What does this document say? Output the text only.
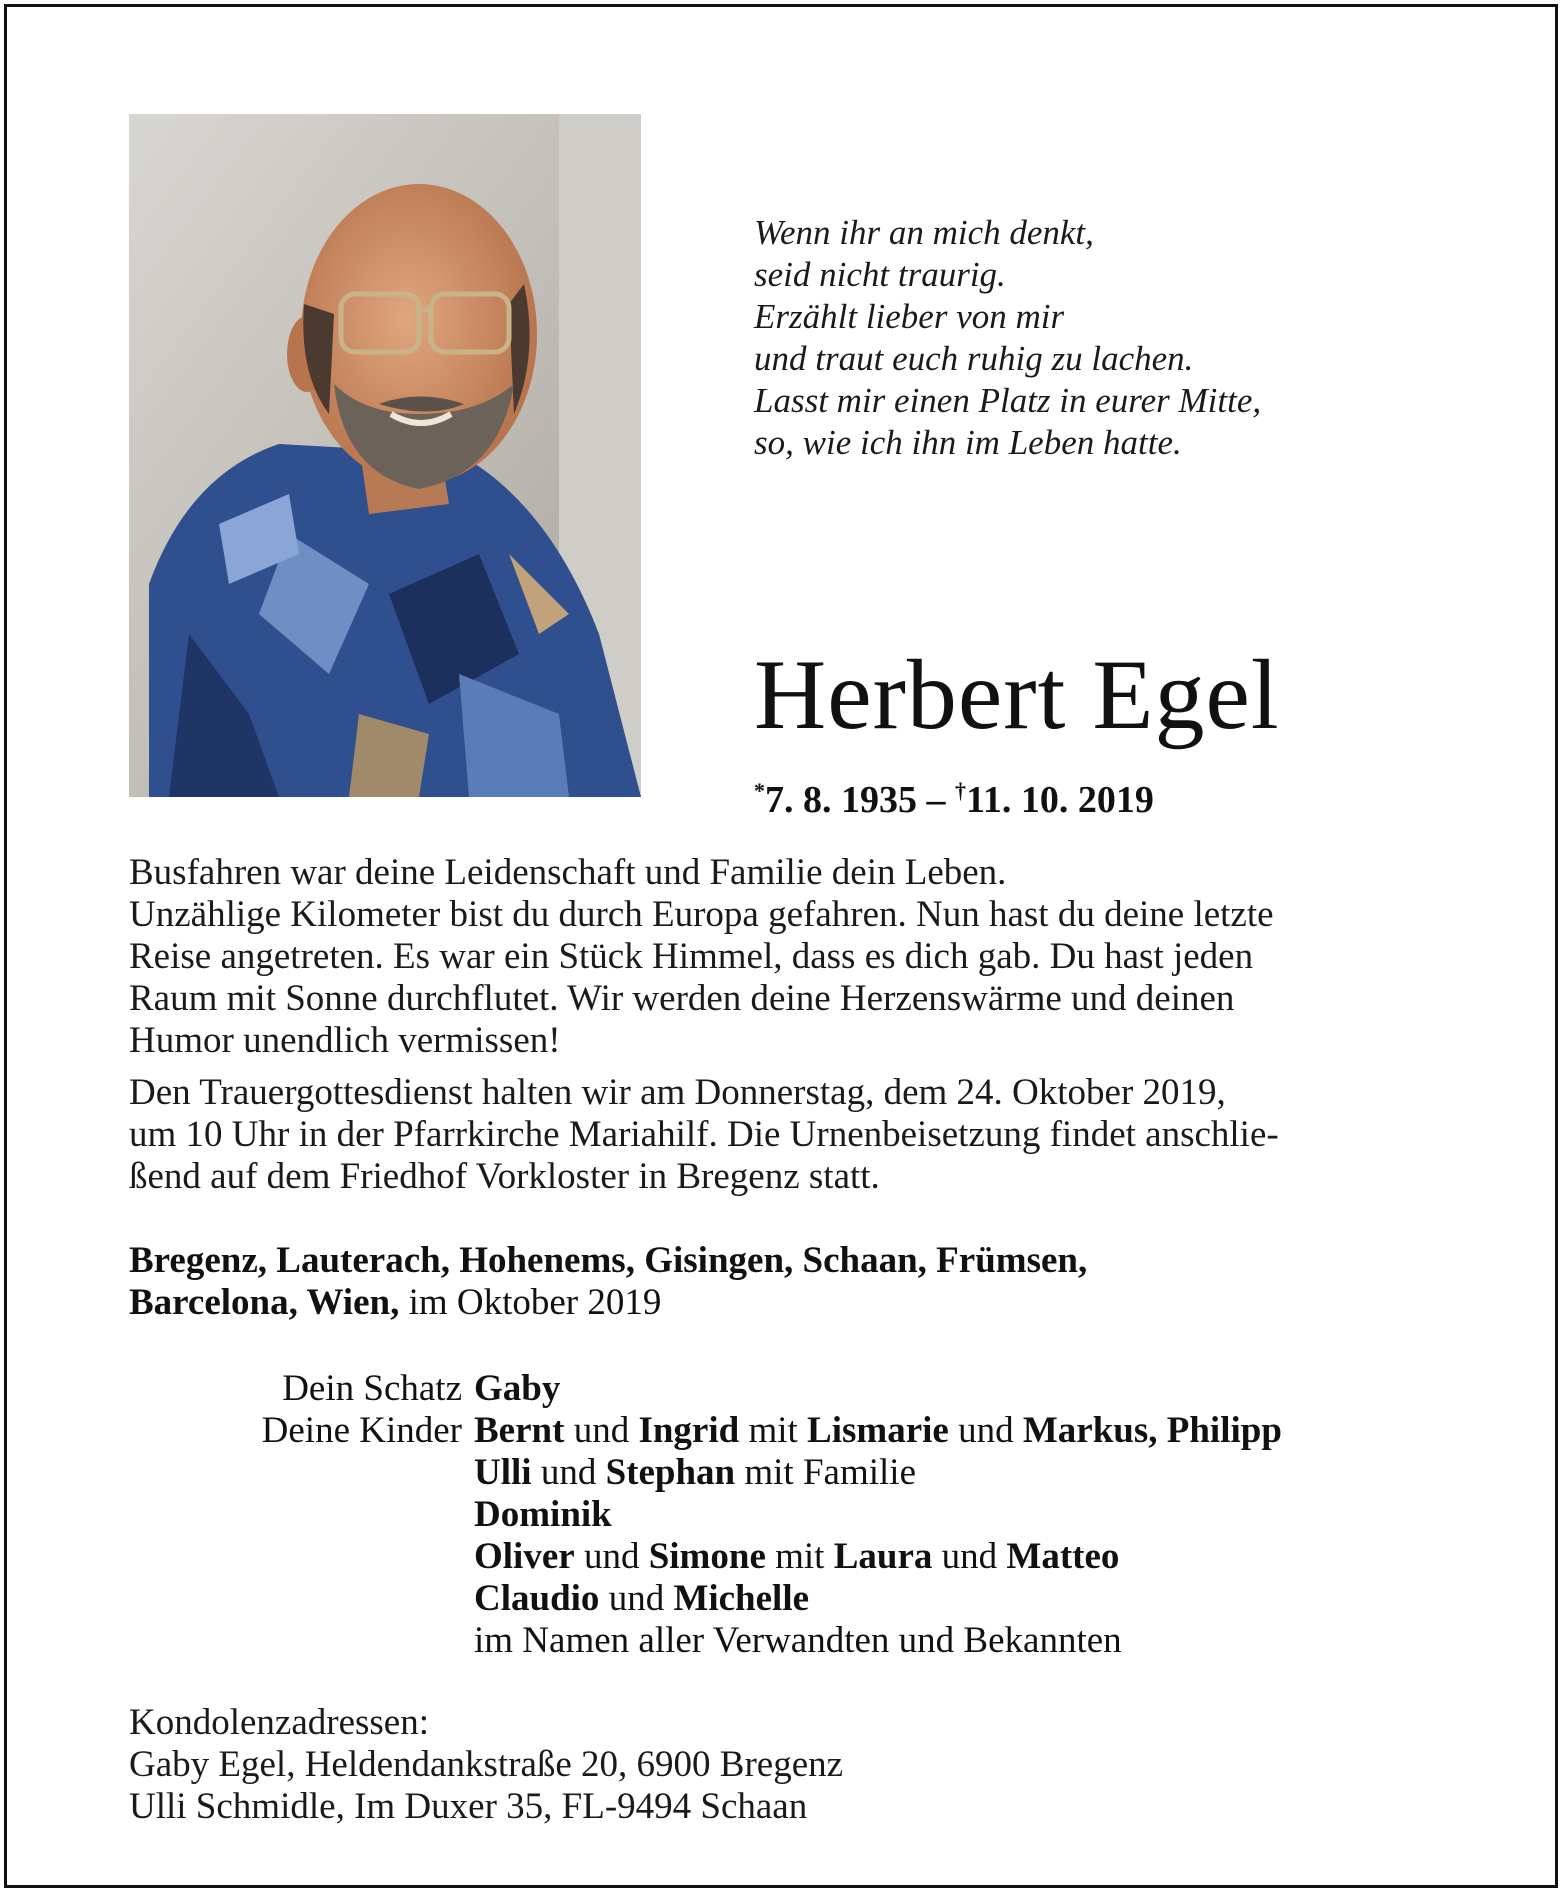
Wenn ihr an mich denkt,
seid nicht traurig.
Erzählt lieber von mir
und traut euch ruhig zu lachen.
Lasst mir einen Platz in eurer Mitte,
so, wie ich ihn im Leben hatte.
Herbert Egel
*7. 8. 1935 – †11. 10. 2019

Busfahren war deine Leidenschaft und Familie dein Leben.
Unzählige Kilometer bist du durch Europa gefahren. Nun hast du deine letzte
Reise angetreten. Es war ein Stück Himmel, dass es dich gab. Du hast jeden
Raum mit Sonne durchflutet. Wir werden deine Herzenswärme und deinen
Humor unendlich vermissen!

Den Trauergottesdienst halten wir am Donnerstag, dem 24. Oktober 2019,
um 10 Uhr in der Pfarrkirche Mariahilf. Die Urnenbeisetzung findet anschlie-
ßend auf dem Friedhof Vorkloster in Bregenz statt.

Bregenz, Lauterach, Hohenems, Gisingen, Schaan, Frümsen,
Barcelona, Wien, im Oktober 2019
Dein Schatz Gaby
Deine Kinder Bernt und Ingrid mit Lismarie und Markus, Philipp
Ulli und Stephan mit Familie
Dominik
Oliver und Simone mit Laura und Matteo
Claudio und Michelle
im Namen aller Verwandten und Bekannten
Kondolenzadressen:
Gaby Egel, Heldendankstraße 20, 6900 Bregenz
Ulli Schmidle, Im Duxer 35, FL-9494 Schaan
